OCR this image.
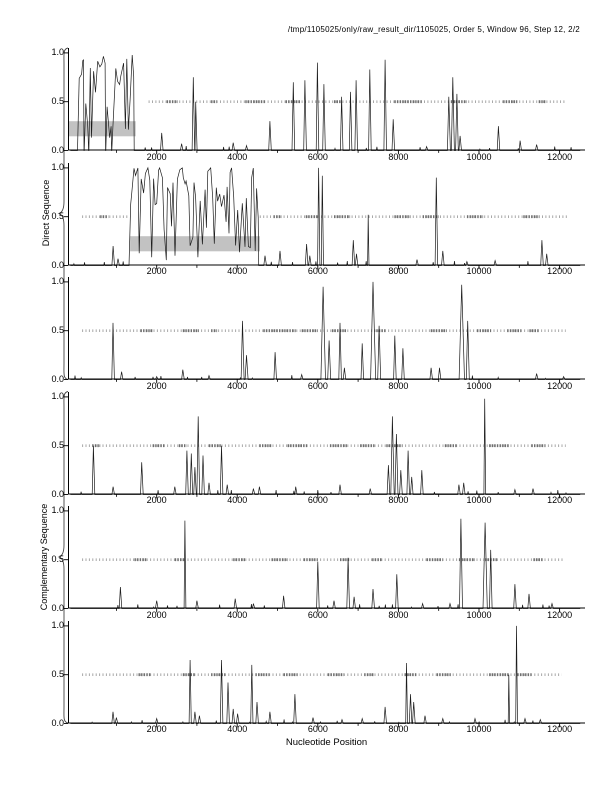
/tmp/1105025/only/raw_result_dir/1105025, Order 5, Window 96, Step 12, 2/2
Direct Sequence
Complementary Sequence
Nucleotide Position
1.0
0.5
0.0
2000	4000	6000	8000	10000	12000
1.0
0.5
0.0
2000	4000	6000	8000	10000	12000
1.0
0.5
0.0
2000	4000	6000	8000	10000	12000
1.0
0.5
0.0
2000	4000	6000	8000	10000	12000
1.0
0.5
0.0
2000	4000	6000	8000	10000	12000
1.0
0.5
0.0
2000	4000	6000	8000	10000	12000
